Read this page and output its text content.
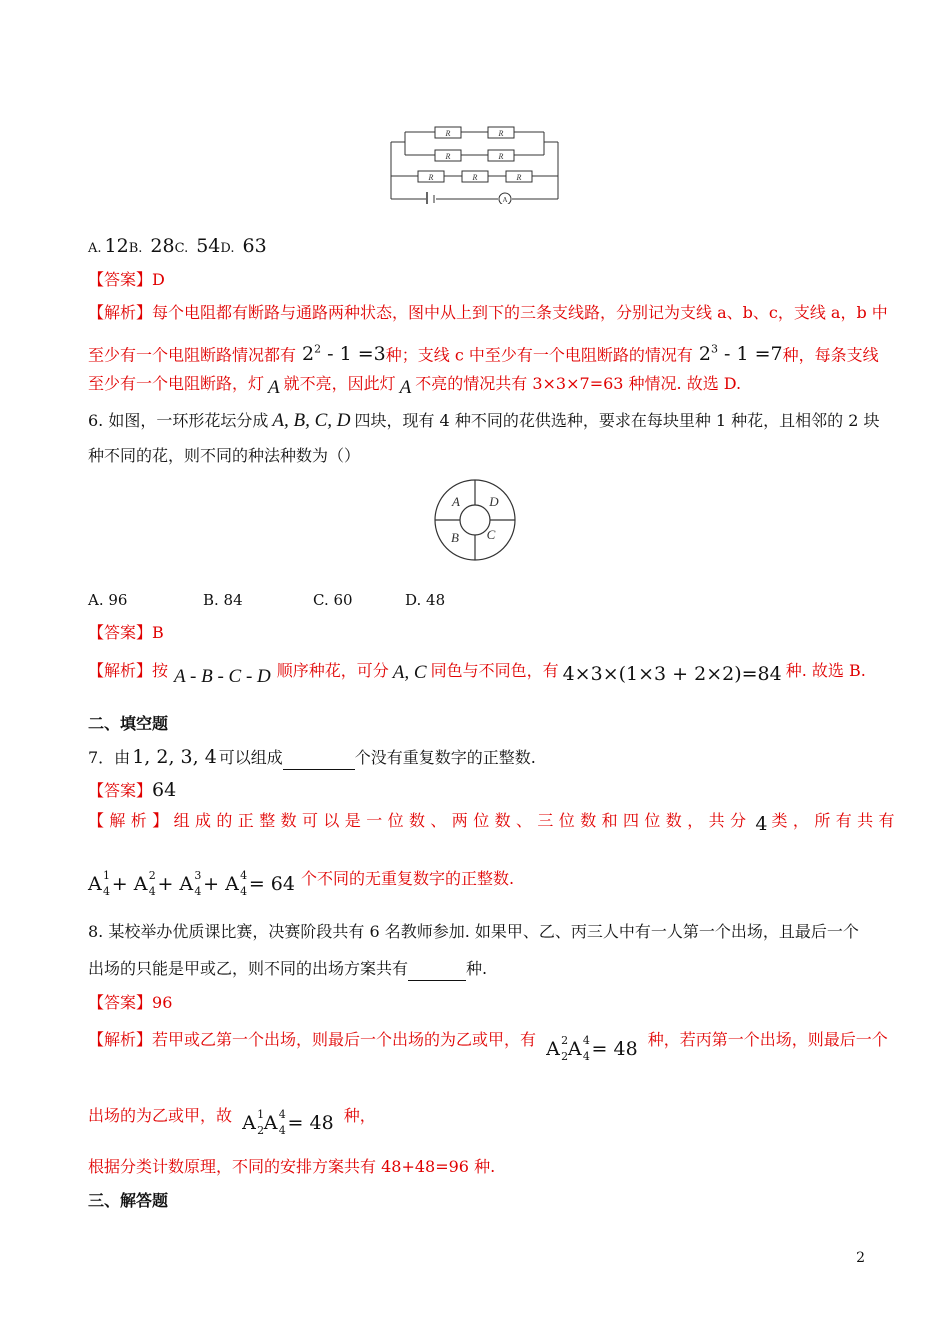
R	R
R	R
R	R	R
A
A. 12B. 28C. 54D. 63
【答案】D
【解析】每个电阻都有断路与通路两种状态，图中从上到下的三条支线路，分别记为支线 a、b、c，支线 a，b 中
至少有一个电阻断路情况都有 $2^2 - 1 =3$种；支线 c 中至少有一个电阻断路的情况有 $2^3 - 1 =7$种，每条支线
至少有一个电阻断路，灯 A 就不亮，因此灯 A 不亮的情况共有 3×3×7=63 种情况. 故选 D.
6. 如图，一环形花坛分成 A, B, C, D 四块，现有 4 种不同的花供选种，要求在每块里种 1 种花，且相邻的 2 块
种不同的花，则不同的种法种数为（）
A D
B C
A. 96	B. 84	C. 60	D. 48
【答案】B
【解析】按 A - B - C - D 顺序种花，可分 A, C 同色与不同色，有 4×3×(1×3 + 2×2)=84 种. 故选 B.
二、填空题
7．由 1, 2, 3, 4 可以组成	个没有重复数字的正整数.
【答案】64
【解析】组成的正整数可以是一位数、两位数、三位数和四位数，共分 4 类，所有共有
A 1
4 + A 2
4 + A 3
4 + A 4
4 = 64 个不同的无重复数字的正整数.
8. 某校举办优质课比赛，决赛阶段共有 6 名教师参加. 如果甲、乙、丙三人中有一人第一个出场，且最后一个
出场的只能是甲或乙，则不同的出场方案共有	种.
【答案】96
【解析】若甲或乙第一个出场，则最后一个出场的为乙或甲，有 A 2
2 A 4
4 = 48 种，若丙第一个出场，则最后一个
出场的为乙或甲，故 A 1
2 A 4
4 = 48 种，
根据分类计数原理，不同的安排方案共有 48+48=96 种.
三、解答题
2
